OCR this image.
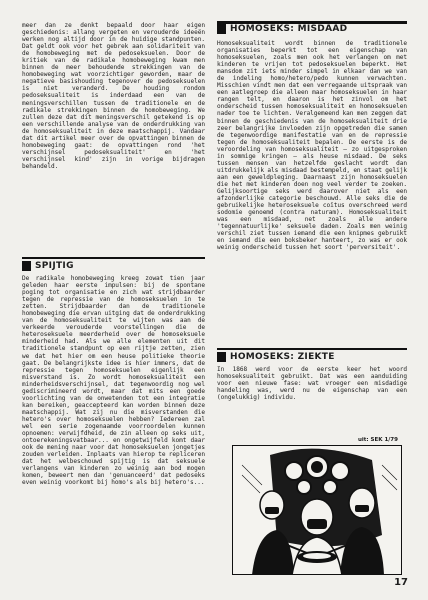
meer dan ze denkt bepaald door haar eigen geschiedenis: allang vergeten en verouderde ideeën werken nog altijd door in de huidige standpunten. Dat geldt ook voor het gebrek aan solidariteit van de homobeweging met de pedoseksuelen. Door de kritiek van de radikale homobeweging kwam men binnen de meer behoudende strekkingen van de homobeweging wat voorzichtiger geworden, maar de negatieve basishouding tegenover de pedoseksuelen is niet veranderd. De houding rondom pedoseksualiteit is inderdaad een van de meningsverschillen tussen de traditionele en de radikale strekkingen binnen de homobeweging. We zullen deze dat dit meningsverschil getekend is op een verschillende analyse van de onderdrukking van de homoseksualiteit in deze maatschappij. Vandaar dat dit artikel meer over de opvattingen binnen de homobeweging gaat: de opvattingen rond 'het verschijnsel pedoseksualiteit' en 'het verschijnsel kind' zijn in vorige bijdragen behandeld.

SPIJTIG

De radikale homobeweging kreeg zowat tien jaar geleden haar eerste impulsen: bij de spontane poging tot organisatie en zich wat strijdbaarder tegen de repressie van de homoseksuelen in te zetten. Strijdbaarder dan de traditionele homobeweging die ervan uitging dat de onderdrukking van de homoseksualiteit te wijten was aan de verkeerde verouderde voorstellingen die de heteroseksuele meerderheid over de homoseksuele minderheid had. Als we alle elementen uit dit traditionele standpunt op een rijtje zetten, zien we dat het hier om een heuse politieke theorie gaat. De belangrijkste idee is hier immers, dat de repressie tegen homoseksuelen eigenlijk een misverstand is. Zo wordt homoseksualiteit een minderheidsverschijnsel, dat tegenwoordig nog wel gediscrimineerd wordt, maar dat mits een goede voorlichting van de onwetenden tot een integratie kan bereiken, geaccepteerd kan worden binnen deze maatschappij. Wat zij nu die misverstanden die hetero's over homoseksuelen hebben? Iedereen zal wel een serie zogenaamde voorroordelen kunnen opnoemen: verwijfdheid, de zin alleen op seks uit, ontoerekeningsvatbaar... en ongetwijfeld komt daar ook de mening naar voor dat homoseksuelen jongetjes zouden verleiden. Inplaats van hierop te repliceren dat het welbeschouwd spijtig is dat seksuele verlangens van kinderen zo weinig aan bod mogen komen, beweert men dan 'genuanceerd' dat pedoseks even weinig voorkomt bij homo's als bij hetero's...

HOMOSEKS: MISDAAD

Homoseksualiteit wordt binnen de traditionele organisaties beperkt tot een eigenschap van homoseksuelen, zoals men ook het verlangen om met kinderen te vrijen tot pedoseksuelen beperkt. Het mansdom zit iets minder simpel in elkaar dan we van de indeling homo/hetero/pedo kunnen verwachten. Misschien vindt men dat een verregaande uitspraak van een aatlegroep die alleen maar homoseksuelen in haar rangen telt, en daaron is het zinvol om het onderscheid tussen homoseksualiteit en homoseksuelen nader toe te lichten. Veralgemeend kan men zeggen dat binnen de geschiedenis van de homoseksualiteit drie zeer belangrijke invloeden zijn opgetreden die samen de tegenwoordige manifestatie van en de repressie tegen de homoseksualiteit bepalen. De eerste is de veroordeling van homoseksualiteit — zo uitgesproken in sommige kringen — als heuse misdaad. De seks tussen mensen van hetzelfde geslacht wordt dan uitdrukkelijk als misdaad bestempeld, en staat gelijk aan een geweldpleging. Daarnaast zijn homoseksuelen die het met kinderen doen nog veel verder te zoeken. Gelijksoortige seks werd daarover niet als een afzonderlijke categorie beschouwd. Alle seks die de gebruikelijke heteroseksuele coïtus overschreed werd sodomie genoemd (contra naturam). Homoseksualiteit was een misdaad, net zoals alle andere 'tegennatuurlijke' seksuele daden. Zoals men weinig verschil ziet tussen iemand die een knipmes gebruikt en iemand die een boksbeker hanteert, zo was er ook weinig onderscheid tussen het soort 'perversiteit'.

HOMOSEKS: ZIEKTE

In 1868 werd voor de eerste keer het woord homoseksualiteit gebruikt. Dat was een aanduiding voor een nieuwe fase: wat vroeger een misdadige handeling was, werd nu de eigenschap van een (ongelukkig) individu.

uit: SEK 1/79
17
